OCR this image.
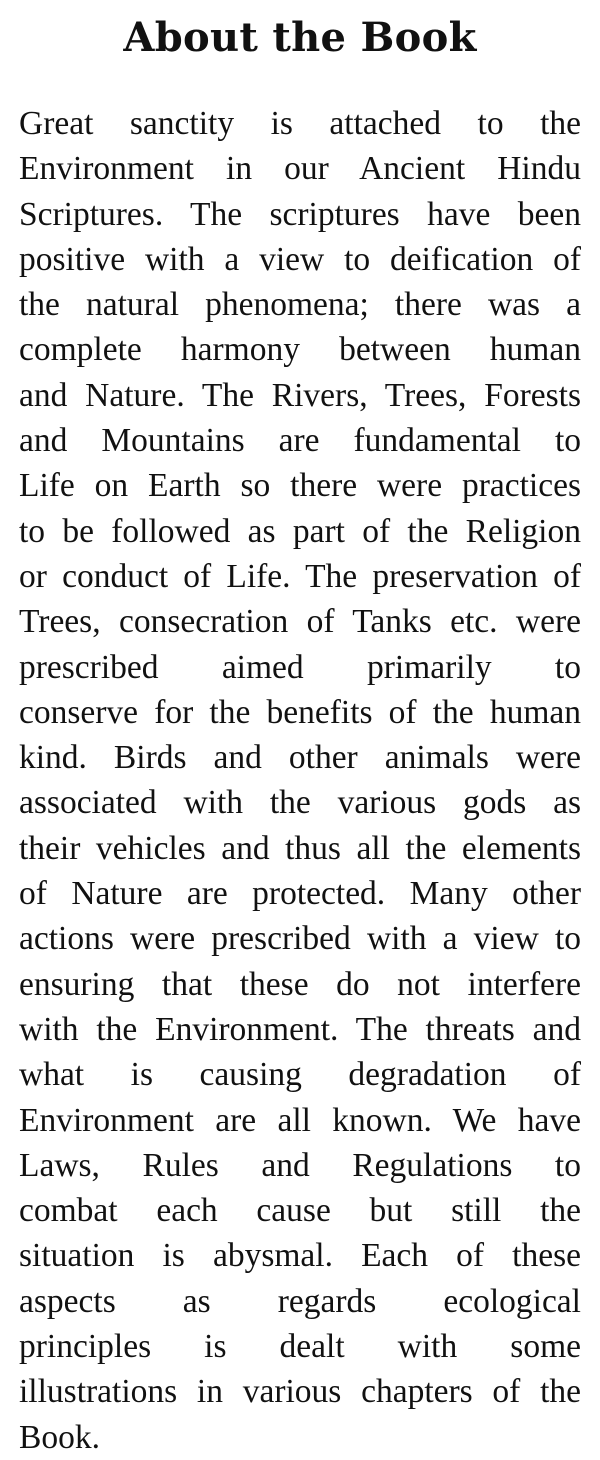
About the Book
Great sanctity is attached to the
Environment in our Ancient Hindu
Scriptures. The scriptures have been
positive with a view to deification of
the natural phenomena; there was a
complete harmony between human
and Nature. The Rivers, Trees, Forests
and Mountains are fundamental to
Life on Earth so there were practices
to be followed as part of the Religion
or conduct of Life. The preservation of
Trees, consecration of Tanks etc. were
prescribed aimed primarily to
conserve for the benefits of the human
kind. Birds and other animals were
associated with the various gods as
their vehicles and thus all the elements
of Nature are protected. Many other
actions were prescribed with a view to
ensuring that these do not interfere
with the Environment. The threats and
what is causing degradation of
Environment are all known. We have
Laws, Rules and Regulations to
combat each cause but still the
situation is abysmal. Each of these
aspects as regards ecological
principles is dealt with some
illustrations in various chapters of the
Book.
